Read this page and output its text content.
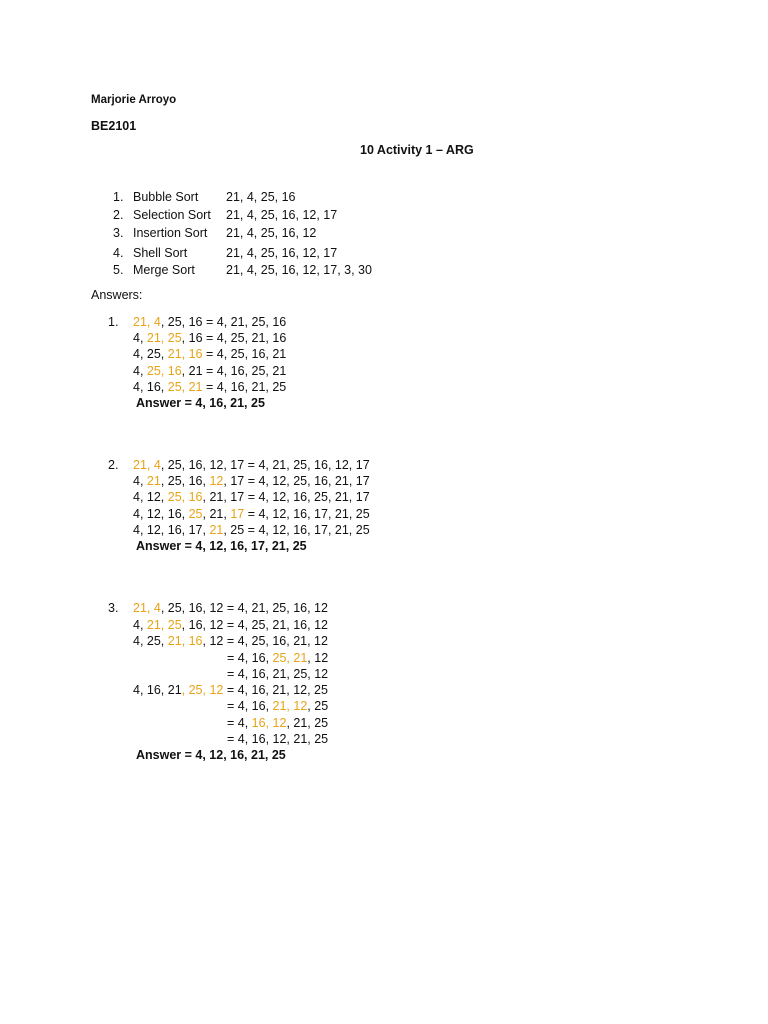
Marjorie Arroyo
BE2101
10 Activity 1 – ARG
1. Bubble Sort 21, 4, 25, 16
2. Selection Sort 21, 4, 25, 16, 12, 17
3. Insertion Sort 21, 4, 25, 16, 12
4. Shell Sort	21, 4, 25, 16, 12, 17
5. Merge Sort 21, 4, 25, 16, 12, 17, 3, 30
Answers:
1. 21, 4, 25, 16 = 4, 21, 25, 16
4, 21, 25, 16 = 4, 25, 21, 16
4, 25, 21, 16 = 4, 25, 16, 21
4, 25, 16, 21 = 4, 16, 25, 21
4, 16, 25, 21 = 4, 16, 21, 25
Answer = 4, 16, 21, 25
2. 21, 4, 25, 16, 12, 17 = 4, 21, 25, 16, 12, 17
4, 21, 25, 16, 12, 17 = 4, 12, 25, 16, 21, 17
4, 12, 25, 16, 21, 17 = 4, 12, 16, 25, 21, 17
4, 12, 16, 25, 21, 17 = 4, 12, 16, 17, 21, 25
4, 12, 16, 17, 21, 25 = 4, 12, 16, 17, 21, 25
Answer = 4, 12, 16, 17, 21, 25
3. 21, 4, 25, 16, 12 = 4, 21, 25, 16, 12
4, 21, 25, 16, 12 = 4, 25, 21, 16, 12
4, 25, 21, 16, 12 = 4, 25, 16, 21, 12
= 4, 16, 25, 21, 12
= 4, 16, 21, 25, 12
4, 16, 21, 25, 12 = 4, 16, 21, 12, 25
= 4, 16, 21, 12, 25
= 4, 16, 12, 21, 25
= 4, 16, 12, 21, 25
Answer = 4, 12, 16, 21, 25
